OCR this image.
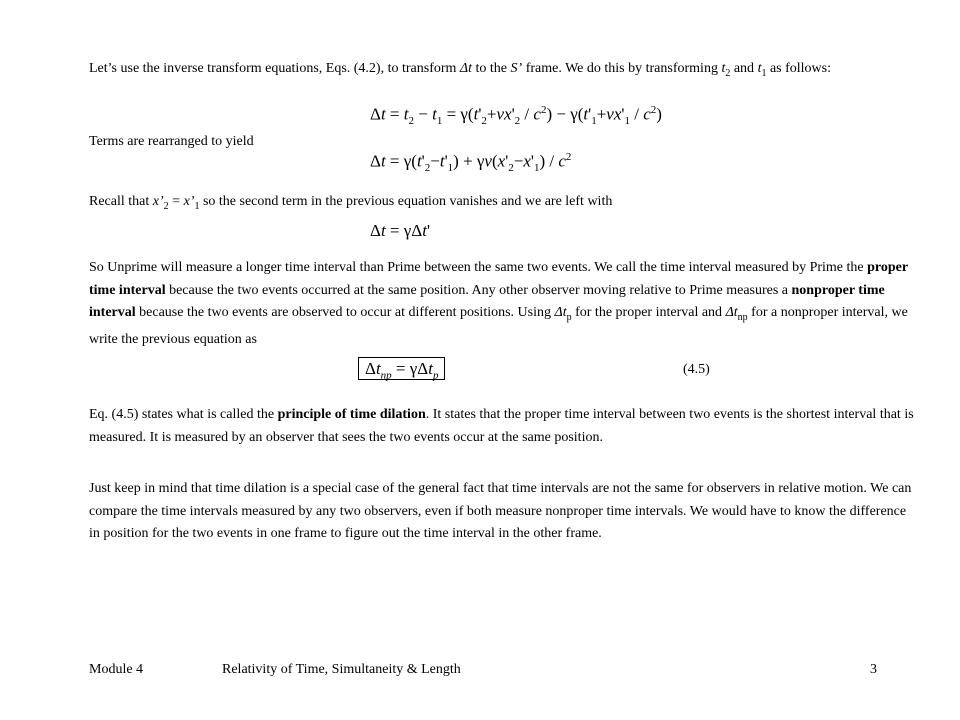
Let’s use the inverse transform equations, Eqs. (4.2), to transform Δt to the S’ frame. We do this by transforming $t_2$ and $t_1$ as follows:

$\Delta t = t_2 - t_1 = \gamma(t'_2+vx'_2 / c^2) - \gamma(t'_1+vx'_1 / c^2)$

Terms are rearranged to yield

$\Delta t = \gamma(t'_2-t'_1) + \gamma v(x'_2-x'_1) / c^2$

Recall that $x’_2$ = $x’_1$ so the second term in the previous equation vanishes and we are left with

Δt = γΔt'

So Unprime will measure a longer time interval than Prime between the same two events. We call the time interval measured by Prime the proper time interval because the two events occurred at the same position. Any other observer moving relative to Prime measures a nonproper time interval because the two events are observed to occur at different positions. Using $\Delta t_p$ for the proper interval and $\Delta t_{np}$ for a nonproper interval, we write the previous equation as

$\Delta t_{np} = \gamma\Delta t_p$	(4.5)

Eq. (4.5) states what is called the principle of time dilation. It states that the proper time interval between two events is the shortest interval that is measured. It is measured by an observer that sees the two events occur at the same position.

Just keep in mind that time dilation is a special case of the general fact that time intervals are not the same for observers in relative motion. We can compare the time intervals measured by any two observers, even if both measure nonproper time intervals. We would have to know the difference in position for the two events in one frame to figure out the time interval in the other frame.

Module 4	Relativity of Time, Simultaneity & Length	3
